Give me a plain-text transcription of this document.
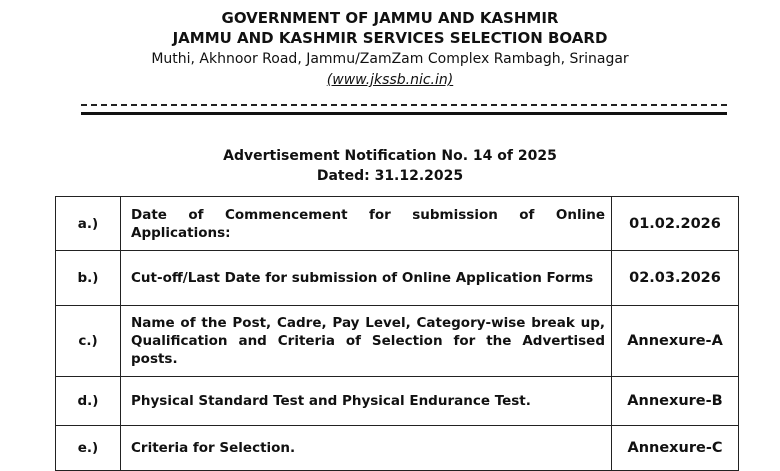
GOVERNMENT OF JAMMU AND KASHMIR
JAMMU AND KASHMIR SERVICES SELECTION BOARD
Muthi, Akhnoor Road, Jammu/ZamZam Complex Rambagh, Srinagar
(www.jkssb.nic.in)
Advertisement Notification No. 14 of 2025
Dated: 31.12.2025
a.)	Date of Commencement for submission of Online Applications:	01.02.2026
b.)	Cut-off/Last Date for submission of Online Application Forms	02.03.2026
c.)	Name of the Post, Cadre, Pay Level, Category-wise break up, Qualification and Criteria of Selection for the Advertised posts.	Annexure-A
d.)	Physical Standard Test and Physical Endurance Test.	Annexure-B
e.)	Criteria for Selection.	Annexure-C
